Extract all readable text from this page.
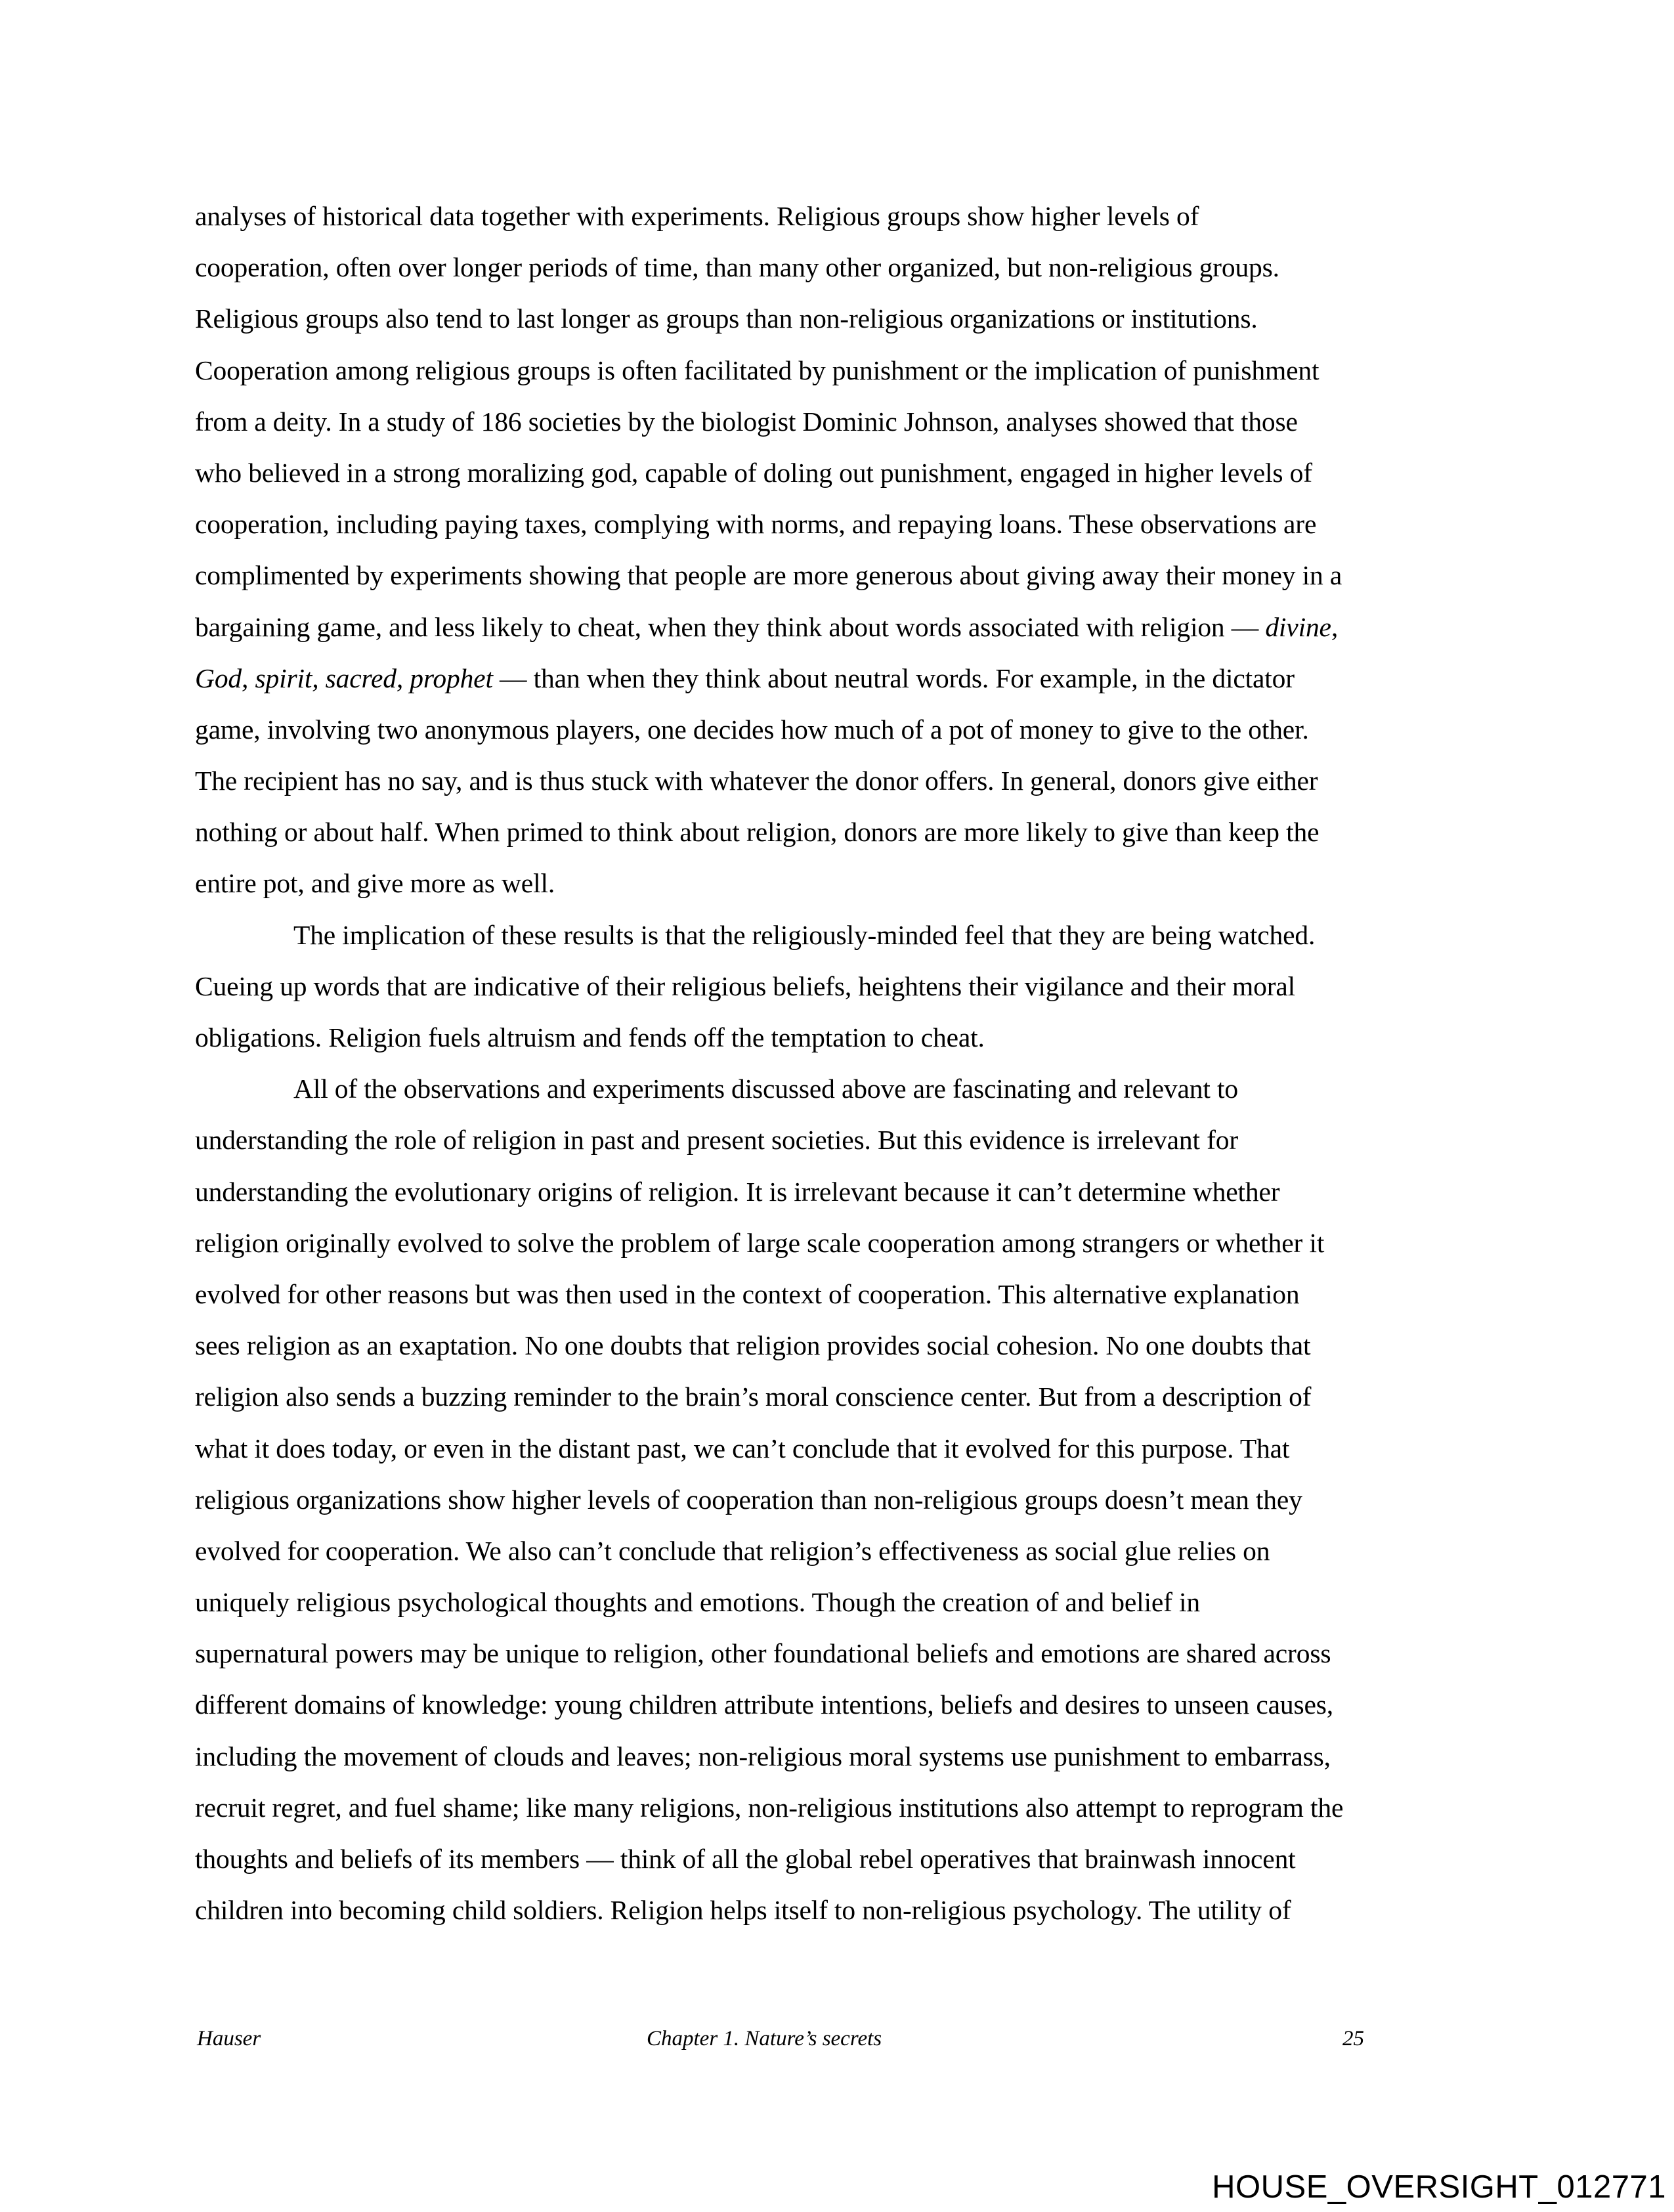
analyses of historical data together with experiments. Religious groups show higher levels of
cooperation, often over longer periods of time, than many other organized, but non-religious groups.
Religious groups also tend to last longer as groups than non-religious organizations or institutions.
Cooperation among religious groups is often facilitated by punishment or the implication of punishment
from a deity. In a study of 186 societies by the biologist Dominic Johnson, analyses showed that those
who believed in a strong moralizing god, capable of doling out punishment, engaged in higher levels of
cooperation, including paying taxes, complying with norms, and repaying loans. These observations are
complimented by experiments showing that people are more generous about giving away their money in a
bargaining game, and less likely to cheat, when they think about words associated with religion — divine,
God, spirit, sacred, prophet — than when they think about neutral words. For example, in the dictator
game, involving two anonymous players, one decides how much of a pot of money to give to the other.
The recipient has no say, and is thus stuck with whatever the donor offers. In general, donors give either
nothing or about half. When primed to think about religion, donors are more likely to give than keep the
entire pot, and give more as well.
The implication of these results is that the religiously-minded feel that they are being watched.
Cueing up words that are indicative of their religious beliefs, heightens their vigilance and their moral
obligations. Religion fuels altruism and fends off the temptation to cheat.
All of the observations and experiments discussed above are fascinating and relevant to
understanding the role of religion in past and present societies. But this evidence is irrelevant for
understanding the evolutionary origins of religion. It is irrelevant because it can’t determine whether
religion originally evolved to solve the problem of large scale cooperation among strangers or whether it
evolved for other reasons but was then used in the context of cooperation. This alternative explanation
sees religion as an exaptation. No one doubts that religion provides social cohesion. No one doubts that
religion also sends a buzzing reminder to the brain’s moral conscience center. But from a description of
what it does today, or even in the distant past, we can’t conclude that it evolved for this purpose. That
religious organizations show higher levels of cooperation than non-religious groups doesn’t mean they
evolved for cooperation. We also can’t conclude that religion’s effectiveness as social glue relies on
uniquely religious psychological thoughts and emotions. Though the creation of and belief in
supernatural powers may be unique to religion, other foundational beliefs and emotions are shared across
different domains of knowledge: young children attribute intentions, beliefs and desires to unseen causes,
including the movement of clouds and leaves; non-religious moral systems use punishment to embarrass,
recruit regret, and fuel shame; like many religions, non-religious institutions also attempt to reprogram the
thoughts and beliefs of its members — think of all the global rebel operatives that brainwash innocent
children into becoming child soldiers. Religion helps itself to non-religious psychology. The utility of
Hauser	Chapter 1. Nature’s secrets	25
HOUSE_OVERSIGHT_012771
